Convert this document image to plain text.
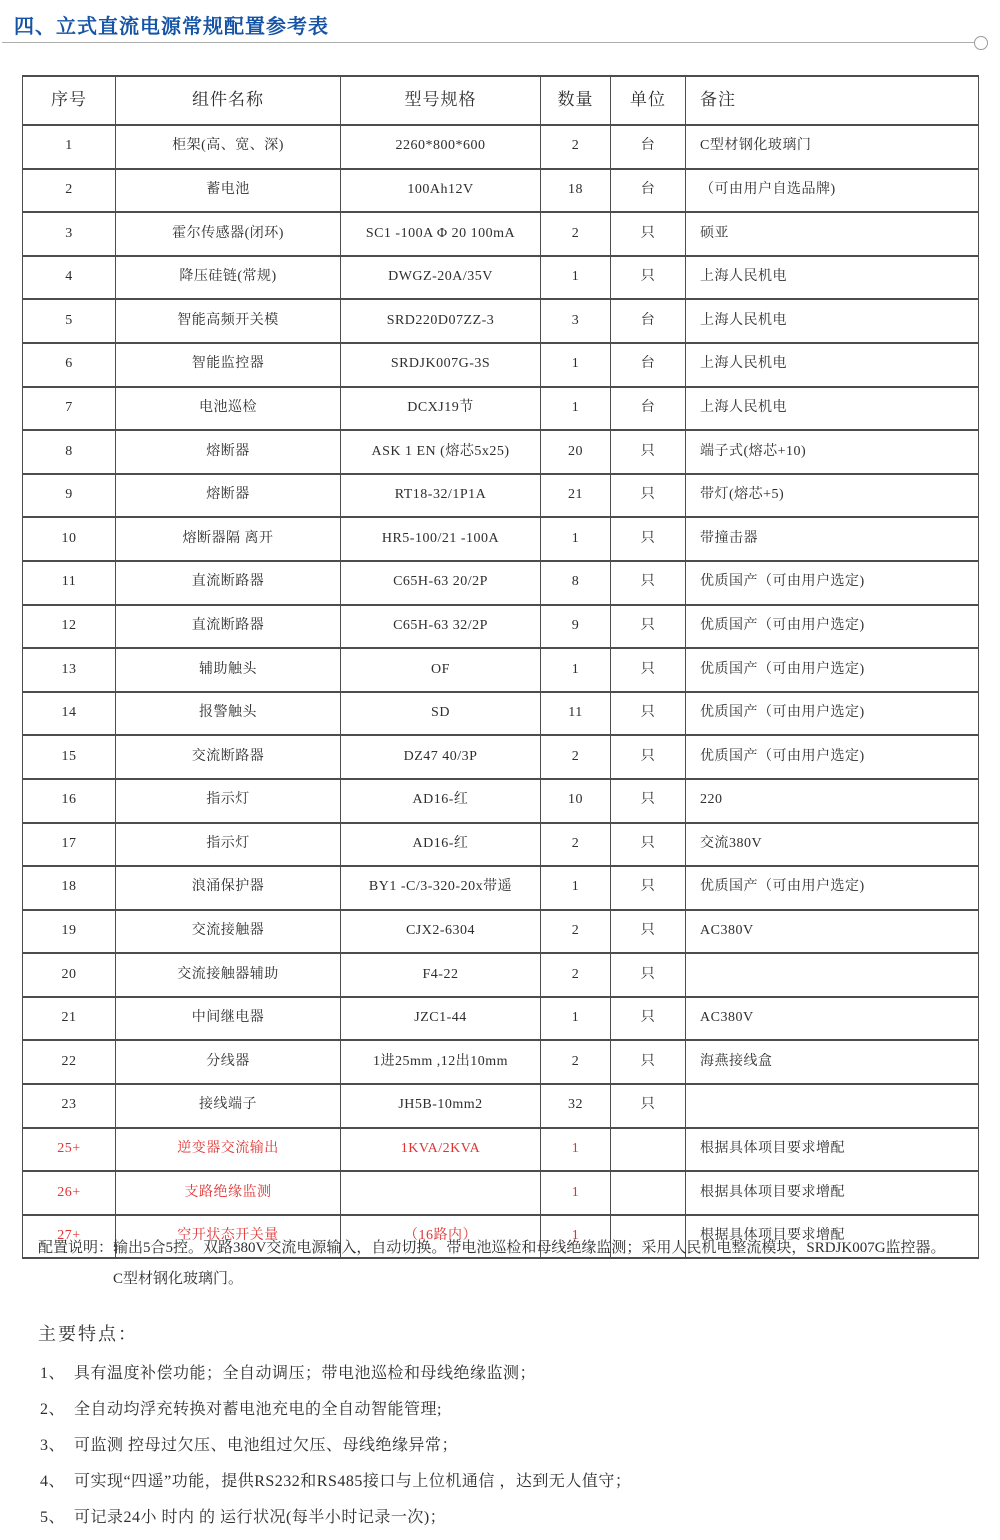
四、立式直流电源常规配置参考表
序号	组件名称	型号规格	数量	单位	备注
1	柜架(高、宽、深)	2260*800*600	2	台	C型材钢化玻璃门
2	蓄电池	100Ah12V	18	台	（可由用户自选品牌)
3	霍尔传感器(闭环)	SC1 -100A Φ 20 100mA	2	只	硕亚
4	降压硅链(常规)	DWGZ-20A/35V	1	只	上海人民机电
5	智能高频开关模	SRD220D07ZZ-3	3	台	上海人民机电
6	智能监控器	SRDJK007G-3S	1	台	上海人民机电
7	电池巡检	DCXJ19节	1	台	上海人民机电
8	熔断器	ASK 1 EN (熔芯5x25)	20	只	端子式(熔芯+10)
9	熔断器	RT18-32/1P1A	21	只	带灯(熔芯+5)
10	熔断器隔 离开	HR5-100/21 -100A	1	只	带撞击器
11	直流断路器	C65H-63 20/2P	8	只	优质国产（可由用户选定)
12	直流断路器	C65H-63 32/2P	9	只	优质国产（可由用户选定)
13	辅助触头	OF	1	只	优质国产（可由用户选定)
14	报警触头	SD	11	只	优质国产（可由用户选定)
15	交流断路器	DZ47 40/3P	2	只	优质国产（可由用户选定)
16	指示灯	AD16-红	10	只	220
17	指示灯	AD16-红	2	只	交流380V
18	浪涌保护器	BY1 -C/3-320-20x带遥	1	只	优质国产（可由用户选定)
19	交流接触器	CJX2-6304	2	只	AC380V
20	交流接触器辅助	F4-22	2	只	
21	中间继电器	JZC1-44	1	只	AC380V
22	分线器	1进25mm ,12出10mm	2	只	海燕接线盒
23	接线端子	JH5B-10mm2	32	只	
25+	逆变器交流输出	1KVA/2KVA	1		根据具体项目要求增配
26+	支路绝缘监测		1		根据具体项目要求增配
27+	空开状态开关量	（16路内）	1		根据具体项目要求增配
配置说明： 输出5合5控。双路380V交流电源输入，自动切换。带电池巡检和母线绝缘监测；采用人民机电整流模块，SRDJK007G监控器。
C型材钢化玻璃门。
主要特点：
1、 具有温度补偿功能；全自动调压；带电池巡检和母线绝缘监测；
2、 全自动均浮充转换对蓄电池充电的全自动智能管理;
3、 可监测 控母过欠压、电池组过欠压、母线绝缘异常；
4、 可实现“四遥”功能，提供RS232和RS485接口与上位机通信 ，达到无人值守；
5、 可记录24小 时内 的 运行状况(每半小时记录一次)；
